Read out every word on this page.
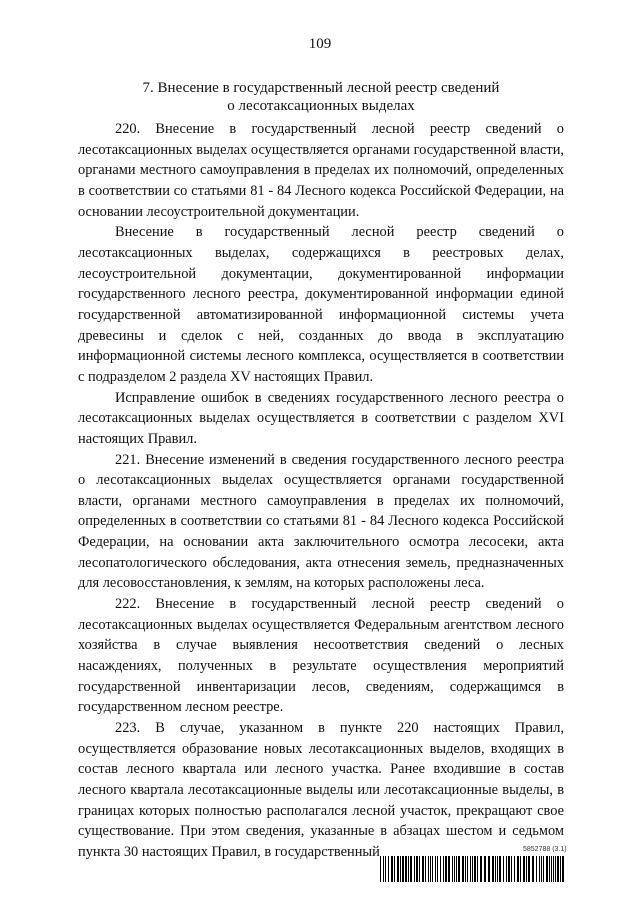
109
7. Внесение в государственный лесной реестр сведений
о лесотаксационных выделах

220. Внесение в государственный лесной реестр сведений о лесотаксационных выделах осуществляется органами государственной власти, органами местного самоуправления в пределах их полномочий, определенных в соответствии со статьями 81 - 84 Лесного кодекса Российской Федерации, на основании лесоустроительной документации.

Внесение в государственный лесной реестр сведений о лесотаксационных выделах, содержащихся в реестровых делах, лесоустроительной документации, документированной информации государственного лесного реестра, документированной информации единой государственной автоматизированной информационной системы учета древесины и сделок с ней, созданных до ввода в эксплуатацию информационной системы лесного комплекса, осуществляется в соответствии с подразделом 2 раздела XV настоящих Правил.

Исправление ошибок в сведениях государственного лесного реестра о лесотаксационных выделах осуществляется в соответствии с разделом XVI настоящих Правил.

221. Внесение изменений в сведения государственного лесного реестра о лесотаксационных выделах осуществляется органами государственной власти, органами местного самоуправления в пределах их полномочий, определенных в соответствии со статьями 81 - 84 Лесного кодекса Российской Федерации, на основании акта заключительного осмотра лесосеки, акта лесопатологического обследования, акта отнесения земель, предназначенных для лесовосстановления, к землям, на которых расположены леса.

222. Внесение в государственный лесной реестр сведений о лесотаксационных выделах осуществляется Федеральным агентством лесного хозяйства в случае выявления несоответствия сведений о лесных насаждениях, полученных в результате осуществления мероприятий государственной инвентаризации лесов, сведениям, содержащимся в государственном лесном реестре.

223. В случае, указанном в пункте 220 настоящих Правил, осуществляется образование новых лесотаксационных выделов, входящих в состав лесного квартала или лесного участка. Ранее входившие в состав лесного квартала лесотаксационные выделы или лесотаксационные выделы, в границах которых полностью располагался лесной участок, прекращают свое существование. При этом сведения, указанные в абзацах шестом и седьмом пункта 30 настоящих Правил, в государственный	5852788 (3.1)
